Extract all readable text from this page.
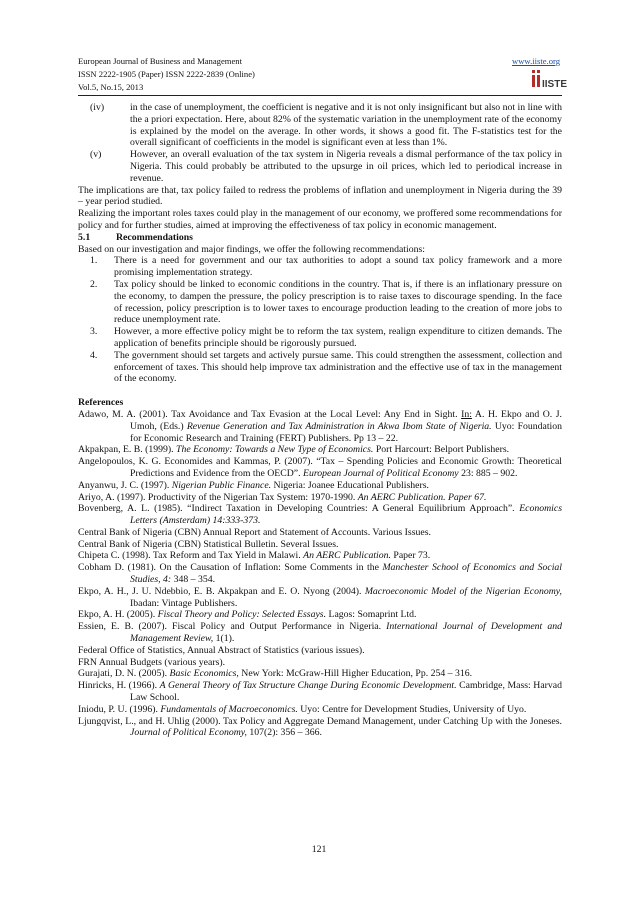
European Journal of Business and Management
ISSN 2222-1905 (Paper) ISSN 2222-2839 (Online)
Vol.5, No.15, 2013
www.iiste.org
IISTE
(iv)	in the case of unemployment, the coefficient is negative and it is not only insignificant but also not in line with the a priori expectation. Here, about 82% of the systematic variation in the unemployment rate of the economy is explained by the model on the average. In other words, it shows a good fit. The F-statistics test for the overall significant of coefficients in the model is significant even at less than 1%.
(v)	However, an overall evaluation of the tax system in Nigeria reveals a dismal performance of the tax policy in Nigeria. This could probably be attributed to the upsurge in oil prices, which led to periodical increase in revenue.

The implications are that, tax policy failed to redress the problems of inflation and unemployment in Nigeria during the 39 – year period studied.

Realizing the important roles taxes could play in the management of our economy, we proffered some recommendations for policy and for further studies, aimed at improving the effectiveness of tax policy in economic management.

5.1	Recommendations

Based on our investigation and major findings, we offer the following recommendations:

1. There is a need for government and our tax authorities to adopt a sound tax policy framework and a more promising implementation strategy.
2. Tax policy should be linked to economic conditions in the country. That is, if there is an inflationary pressure on the economy, to dampen the pressure, the policy prescription is to raise taxes to discourage spending. In the face of recession, policy prescription is to lower taxes to encourage production leading to the creation of more jobs to reduce unemployment rate.
3. However, a more effective policy might be to reform the tax system, realign expenditure to citizen demands. The application of benefits principle should be rigorously pursued.
4. The government should set targets and actively pursue same. This could strengthen the assessment, collection and enforcement of taxes. This should help improve tax administration and the effective use of tax in the management of the economy.
References

Adawo, M. A. (2001). Tax Avoidance and Tax Evasion at the Local Level: Any End in Sight. In: A. H. Ekpo and O. J. Umoh, (Eds.) Revenue Generation and Tax Administration in Akwa Ibom State of Nigeria. Uyo: Foundation for Economic Research and Training (FERT) Publishers. Pp 13 – 22.

Akpakpan, E. B. (1999). The Economy: Towards a New Type of Economics. Port Harcourt: Belport Publishers.

Angelopoulos, K. G. Economides and Kammas, P. (2007). “Tax – Spending Policies and Economic Growth: Theoretical Predictions and Evidence from the OECD”. European Journal of Political Economy 23: 885 – 902.

Anyanwu, J. C. (1997). Nigerian Public Finance. Nigeria: Joanee Educational Publishers.

Ariyo, A. (1997). Productivity of the Nigerian Tax System: 1970-1990. An AERC Publication. Paper 67.

Bovenberg, A. L. (1985). “Indirect Taxation in Developing Countries: A General Equilibrium Approach”. Economics Letters (Amsterdam) 14:333-373.

Central Bank of Nigeria (CBN) Annual Report and Statement of Accounts. Various Issues.

Central Bank of Nigeria (CBN) Statistical Bulletin. Several Issues.

Chipeta C. (1998). Tax Reform and Tax Yield in Malawi. An AERC Publication. Paper 73.

Cobham D. (1981). On the Causation of Inflation: Some Comments in the Manchester School of Economics and Social Studies, 4: 348 – 354.

Ekpo, A. H., J. U. Ndebbio, E. B. Akpakpan and E. O. Nyong (2004). Macroeconomic Model of the Nigerian Economy, Ibadan: Vintage Publishers.

Ekpo, A. H. (2005). Fiscal Theory and Policy: Selected Essays. Lagos: Somaprint Ltd.

Essien, E. B. (2007). Fiscal Policy and Output Performance in Nigeria. International Journal of Development and Management Review, 1(1).

Federal Office of Statistics, Annual Abstract of Statistics (various issues).

FRN Annual Budgets (various years).

Gurajati, D. N. (2005). Basic Economics, New York: McGraw-Hill Higher Education, Pp. 254 – 316.

Hinricks, H. (1966). A General Theory of Tax Structure Change During Economic Development. Cambridge, Mass: Harvad Law School.

Iniodu, P. U. (1996). Fundamentals of Macroeconomics. Uyo: Centre for Development Studies, University of Uyo.

Ljungqvist, L., and H. Uhlig (2000). Tax Policy and Aggregate Demand Management, under Catching Up with the Joneses. Journal of Political Economy, 107(2): 356 – 366.

121
